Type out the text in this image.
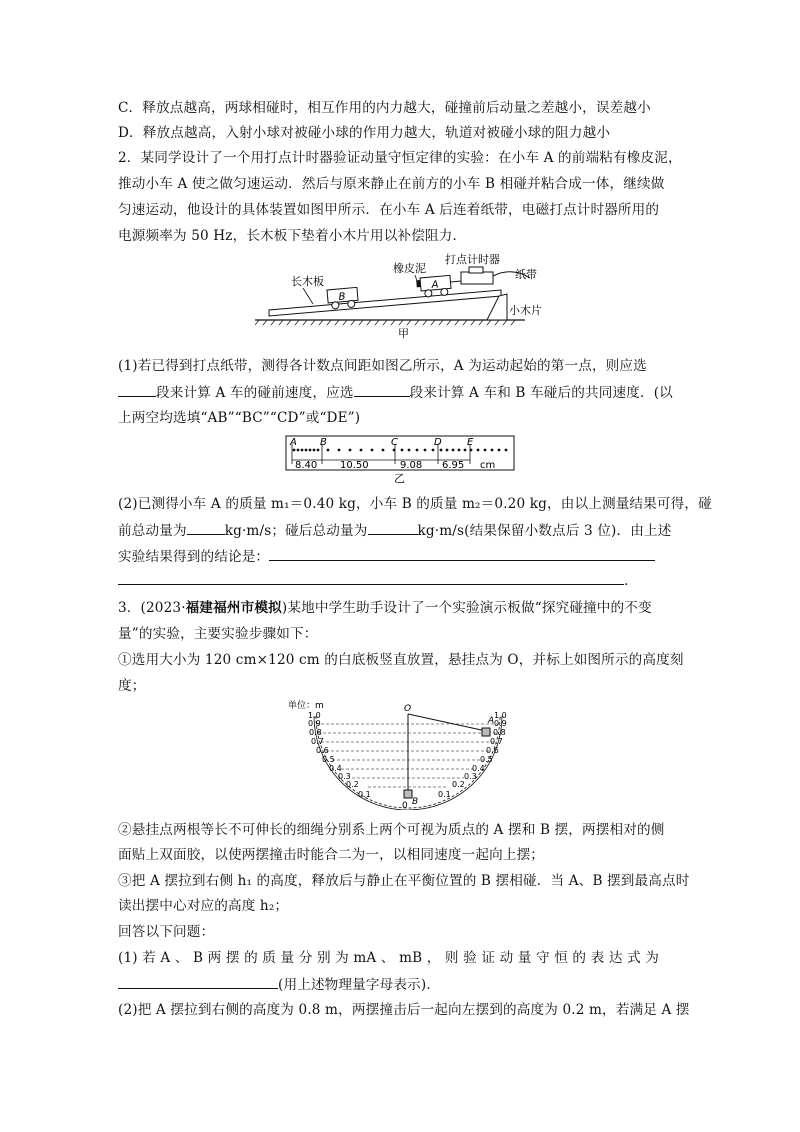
C．释放点越高，两球相碰时，相互作用的内力越大，碰撞前后动量之差越小，误差越小
D．释放点越高，入射小球对被碰小球的作用力越大，轨道对被碰小球的阻力越小
2．某同学设计了一个用打点计时器验证动量守恒定律的实验：在小车 A 的前端粘有橡皮泥，
推动小车 A 使之做匀速运动．然后与原来静止在前方的小车 B 相碰并粘合成一体，继续做
匀速运动，他设计的具体装置如图甲所示．在小车 A 后连着纸带，电磁打点计时器所用的
电源频率为 50 Hz，长木板下垫着小木片用以补偿阻力．
B
A
长木板
橡皮泥
打点计时器
纸带
小木片
甲
(1)若已得到打点纸带，测得各计数点间距如图乙所示，A 为运动起始的第一点，则应选
段来计算 A 车的碰前速度，应选	段来计算 A 车和 B 车碰后的共同速度．(以
上两空均选填“AB”“BC”“CD”或“DE”)
A B	C	D	E
8.40 10.50	9.08 6.95 cm
乙
(2)已测得小车 A 的质量 m₁＝0.40 kg，小车 B 的质量 m₂＝0.20 kg，由以上测量结果可得，碰
前总动量为	kg·m/s；碰后总动量为	kg·m/s(结果保留小数点后 3 位)．由上述
实验结果得到的结论是：
.
3．(2023·福建福州市模拟)某地中学生助手设计了一个实验演示板做“探究碰撞中的不变
量”的实验，主要实验步骤如下：
①选用大小为 120 cm×120 cm 的白底板竖直放置，悬挂点为 O，并标上如图所示的高度刻
度；
单位：m	O
A
B
0
1.0
0.9
0.8
0.7
0.6
0.5
0.4
0.3
0.2
0.1
1.0
0.9
0.8
0.7
0.6
0.5
0.4
0.3
0.2
0.1
②悬挂点两根等长不可伸长的细绳分别系上两个可视为质点的 A 摆和 B 摆，两摆相对的侧
面贴上双面胶，以使两摆撞击时能合二为一，以相同速度一起向上摆；
③把 A 摆拉到右侧 h₁ 的高度，释放后与静止在平衡位置的 B 摆相碰．当 A、B 摆到最高点时
读出摆中心对应的高度 h₂；
回答以下问题：
(1) 若 A 、 B 两 摆 的 质 量 分 别 为 mA 、 mB ， 则 验 证 动 量 守 恒 的 表 达 式 为
(用上述物理量字母表示)．
(2)把 A 摆拉到右侧的高度为 0.8 m，两摆撞击后一起向左摆到的高度为 0.2 m，若满足 A 摆
